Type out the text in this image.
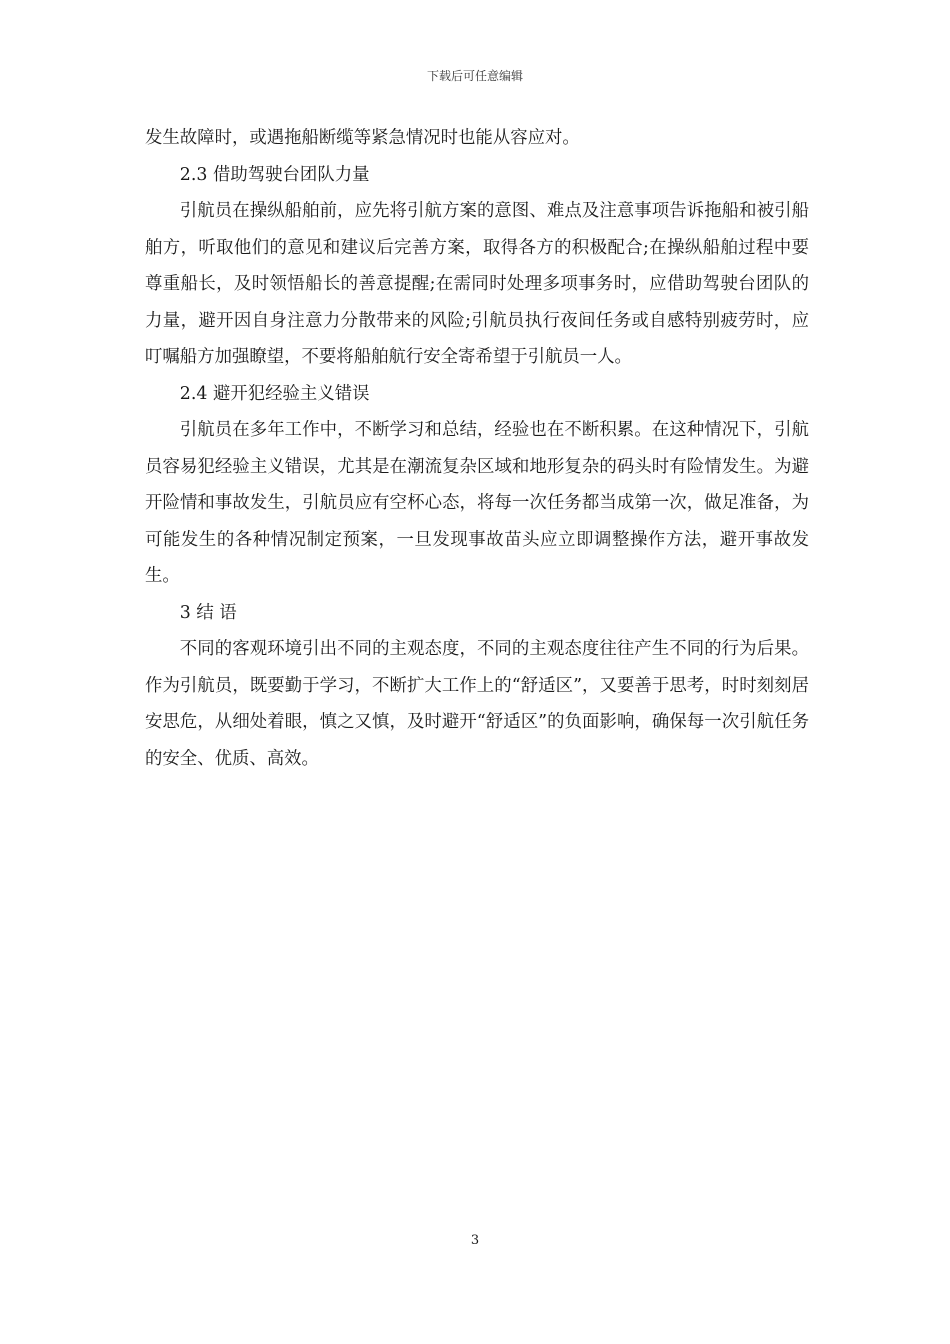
下载后可任意编辑

发生故障时，或遇拖船断缆等紧急情况时也能从容应对。

2.3 借助驾驶台团队力量

引航员在操纵船舶前，应先将引航方案的意图、难点及注意事项告诉拖船和被引船舶方，听取他们的意见和建议后完善方案，取得各方的积极配合;在操纵船舶过程中要尊重船长，及时领悟船长的善意提醒;在需同时处理多项事务时，应借助驾驶台团队的力量，避开因自身注意力分散带来的风险;引航员执行夜间任务或自感特别疲劳时，应叮嘱船方加强瞭望，不要将船舶航行安全寄希望于引航员一人。

2.4 避开犯经验主义错误

引航员在多年工作中，不断学习和总结，经验也在不断积累。在这种情况下，引航员容易犯经验主义错误，尤其是在潮流复杂区域和地形复杂的码头时有险情发生。为避开险情和事故发生，引航员应有空杯心态，将每一次任务都当成第一次，做足准备，为可能发生的各种情况制定预案，一旦发现事故苗头应立即调整操作方法，避开事故发生。

3 结 语

不同的客观环境引出不同的主观态度，不同的主观态度往往产生不同的行为后果。作为引航员，既要勤于学习，不断扩大工作上的“舒适区”，又要善于思考，时时刻刻居安思危，从细处着眼，慎之又慎，及时避开“舒适区”的负面影响，确保每一次引航任务的安全、优质、高效。

3
